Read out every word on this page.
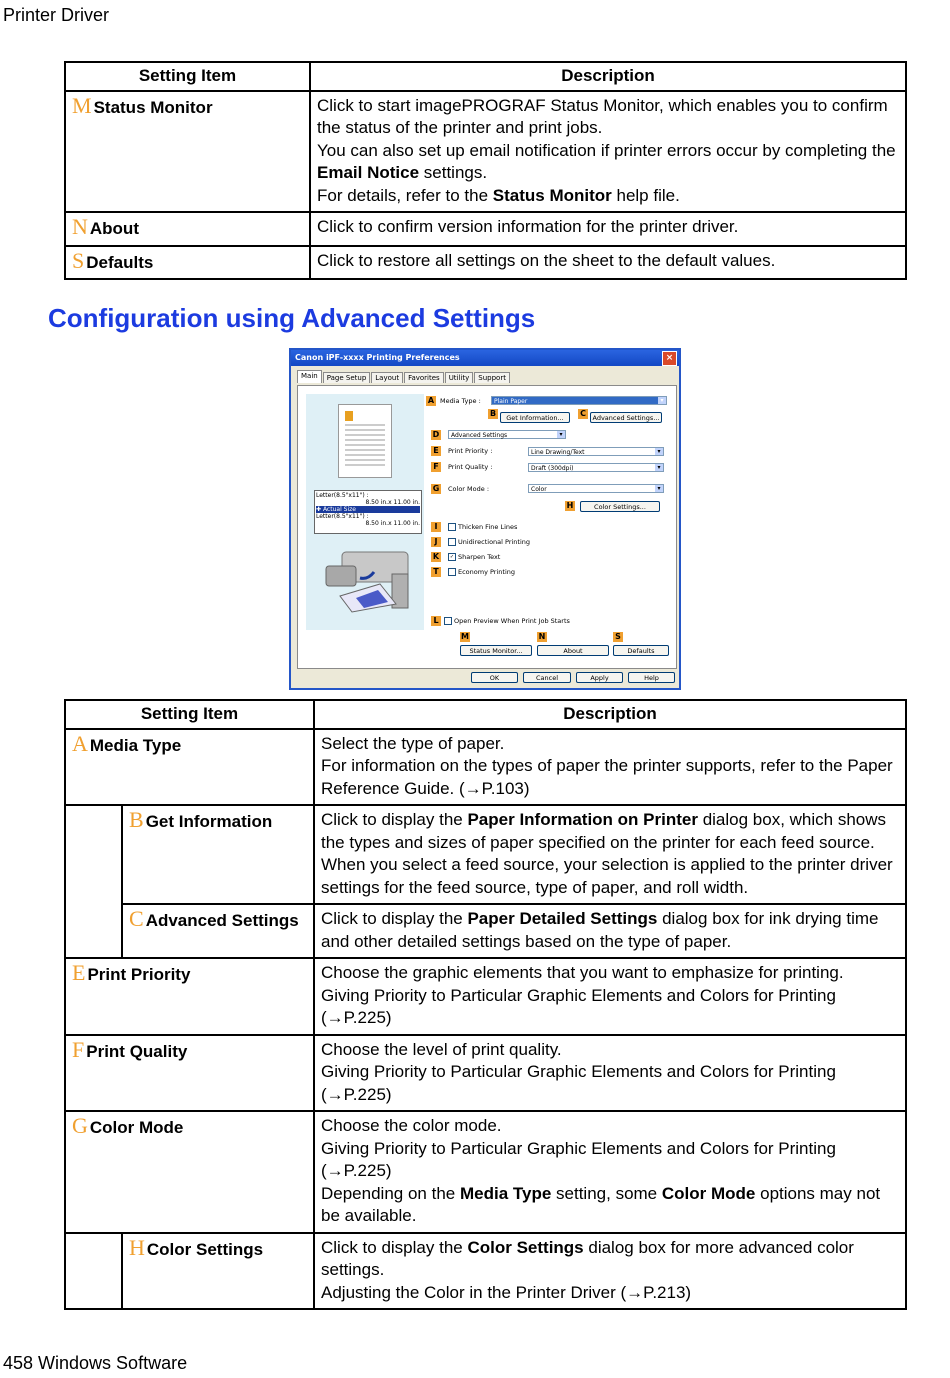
Printer Driver
Setting Item	Description
M Status Monitor	Click to start imagePROGRAF Status Monitor, which enables you to confirm the status of the printer and print jobs.
You can also set up email notification if printer errors occur by completing the Email Notice settings.
For details, refer to the Status Monitor help file.

N About	Click to confirm version information for the printer driver.
S Defaults	Click to restore all settings on the sheet to the default values.
Configuration using Advanced Settings
Canon iPF-xxxx Printing Preferences	×
Main	Page Setup	Layout	Favorites	Utility	Support
Letter(8.5"x11") :
8.50 in.x 11.00 in.
✚ Actual Size
Letter(8.5"x11") :
8.50 in.x 11.00 in.
A Media Type :	Plain Paper ▾
B	Get Information...	C	Advanced Settings...
D	Advanced Settings ▾
E	Print Priority :	Line Drawing/Text ▾
F	Print Quality :	Draft (300dpi) ▾
G Color Mode :	Color ▾
H	Color Settings...
I	Thicken Fine Lines
J	Unidirectional Printing
K	✓ Sharpen Text
T	Economy Printing
L	Open Preview When Print Job Starts
M	N	S
Status Monitor...	About	Defaults
OK	Cancel	Apply	Help
Setting Item		Description
A Media Type		Select the type of paper.
For information on the types of paper the printer supports, refer to the Paper Reference Guide. (→P.103)

	B Get Information	Click to display the Paper Information on Printer dialog box, which shows the types and sizes of paper specified on the printer for each feed source. When you select a feed source, your selection is applied to the printer driver settings for the feed source, type of paper, and roll width.
	C Advanced Settings	Click to display the Paper Detailed Settings dialog box for ink drying time and other detailed settings based on the type of paper.
E Print Priority		Choose the graphic elements that you want to emphasize for printing.
Giving Priority to Particular Graphic Elements and Colors for Printing (→P.225)

F Print Quality		Choose the level of print quality.
Giving Priority to Particular Graphic Elements and Colors for Printing (→P.225)

G Color Mode		Choose the color mode.
Giving Priority to Particular Graphic Elements and Colors for Printing (→P.225)
Depending on the Media Type setting, some Color Mode options may not be available.

	H Color Settings	Click to display the Color Settings dialog box for more advanced color settings.
Adjusting the Color in the Printer Driver (→P.213)
458 Windows Software
